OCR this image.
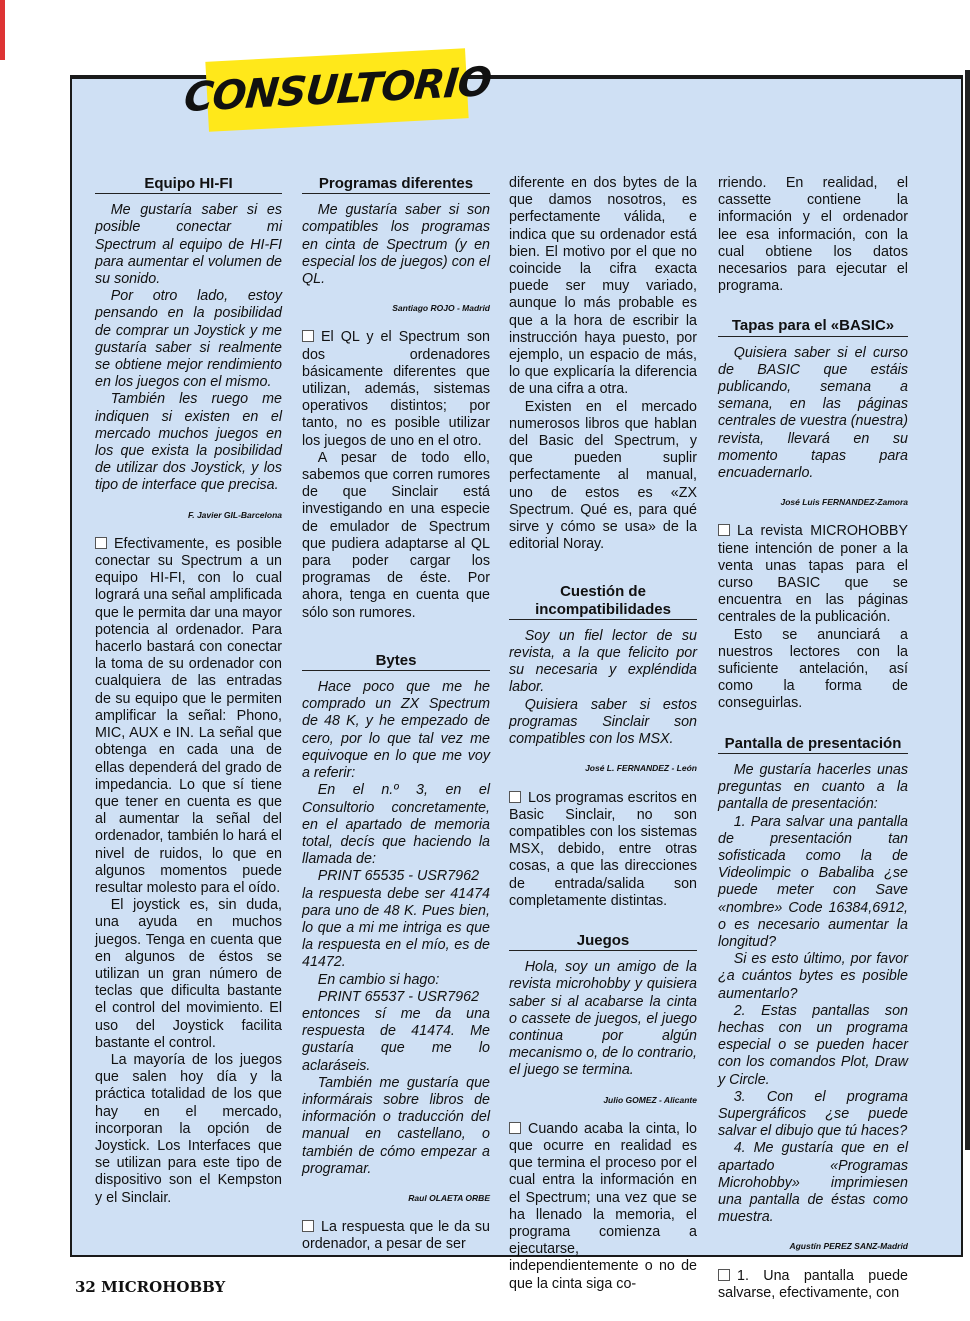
CONSULTORIO
Equipo HI-FI

Me gustaría saber si es posible conectar mi Spectrum al equipo de HI-FI para aumentar el volumen de su sonido.

Por otro lado, estoy pensando en la posibilidad de comprar un Joystick y me gustaría saber si realmente se obtiene mejor rendimiento en los juegos con el mismo.

También les ruego me indiquen si existen en el mercado muchos juegos en los que exista la posibilidad de utilizar dos Joystick, y los tipo de interface que precisa.

F. Javier GIL-Barcelona

Efectivamente, es posible conectar su Spectrum a un equipo HI-FI, con lo cual logrará una señal amplificada que le permita dar una mayor potencia al ordenador. Para hacerlo bastará con conectar la toma de su ordenador con cualquiera de las entradas de su equipo que le permiten amplificar la señal: Phono, MIC, AUX e IN. La señal que obtenga en cada una de ellas dependerá del grado de impedancia. Lo que sí tiene que tener en cuenta es que al aumentar la señal del ordenador, también lo hará el nivel de ruidos, lo que en algunos momentos puede resultar molesto para el oído.

El joystick es, sin duda, una ayuda en muchos juegos. Tenga en cuenta que en algunos de éstos se utilizan un gran número de teclas que dificulta bastante el control del movimiento. El uso del Joystick facilita bastante el control.

La mayoría de los juegos que salen hoy día y la práctica totalidad de los que hay en el mercado, incorporan la opción de Joystick. Los Interfaces que se utilizan para este tipo de dispositivo son el Kempston y el Sinclair.

Programas diferentes

Me gustaría saber si son compatibles los programas en cinta de Spectrum (y en especial los de juegos) con el QL.

Santiago ROJO - Madrid

El QL y el Spectrum son dos ordenadores básicamente diferentes que utilizan, además, sistemas operativos distintos; por tanto, no es posible utilizar los juegos de uno en el otro.

A pesar de todo ello, sabemos que corren rumores de que Sinclair está investigando en una especie de emulador de Spectrum que pudiera adaptarse al QL para poder cargar los programas de éste. Por ahora, tenga en cuenta que sólo son rumores.

Bytes

Hace poco que me he comprado un ZX Spectrum de 48 K, y he empezado de cero, por lo que tal vez me equivoque en lo que me voy a referir:

En el n.º 3, en el Consultorio concretamente, en el apartado de memoria total, decís que haciendo la llamada de:

PRINT 65535 - USR7962

la respuesta debe ser 41474 para uno de 48 K. Pues bien, lo que a mi me intriga es que la respuesta en el mío, es de 41472.

En cambio si hago:

PRINT 65537 - USR7962

entonces sí me da una respuesta de 41474. Me gustaría que me lo aclaráseis.

También me gustaría que informárais sobre libros de información o traducción del manual en castellano, o también de cómo empezar a programar.

Raul OLAETA ORBE

La respuesta que le da su ordenador, a pesar de ser

diferente en dos bytes de la que damos nosotros, es perfectamente válida, e indica que su ordenador está bien. El motivo por el que no coincide la cifra exacta puede ser muy variado, aunque lo más probable es que a la hora de escribir la instrucción haya puesto, por ejemplo, un espacio de más, lo que explicaría la diferencia de una cifra a otra.

Existen en el mercado numerosos libros que hablan del Basic del Spectrum, y que pueden suplir perfectamente al manual, uno de estos es «ZX Spectrum. Qué es, para qué sirve y cómo se usa» de la editorial Noray.

Cuestión de incompatibilidades

Soy un fiel lector de su revista, a la que felicito por su necesaria y expléndida labor.

Quisiera saber si estos programas Sinclair son compatibles con los MSX.

José L. FERNANDEZ - León

Los programas escritos en Basic Sinclair, no son compatibles con los sistemas MSX, debido, entre otras cosas, a que las direcciones de entrada/salida son completamente distintas.

Juegos

Hola, soy un amigo de la revista microhobby y quisiera saber si al acabarse la cinta o cassete de juegos, el juego continua por algún mecanismo o, de lo contrario, el juego se termina.

Julio GOMEZ - Alicante

Cuando acaba la cinta, lo que ocurre en realidad es que termina el proceso por el cual entra la información en el Spectrum; una vez que se ha llenado la memoria, el programa comienza a ejecutarse, independientemente o no de que la cinta siga co-

rriendo. En realidad, el cassette contiene la información y el ordenador lee esa información, con la cual obtiene los datos necesarios para ejecutar el programa.

Tapas para el «BASIC»

Quisiera saber si el curso de BASIC que estáis publicando, semana a semana, en las páginas centrales de vuestra (nuestra) revista, llevará en su momento tapas para encuadernarlo.

José Luis FERNANDEZ-Zamora

La revista MICROHOBBY tiene intención de poner a la venta unas tapas para el curso BASIC que se encuentra en las páginas centrales de la publicación.

Esto se anunciará a nuestros lectores con la suficiente antelación, así como la forma de conseguirlas.

Pantalla de presentación

Me gustaría hacerles unas preguntas en cuanto a la pantalla de presentación:

1. Para salvar una pantalla de presentación tan sofisticada como la de Videolimpic o Babaliba ¿se puede meter con Save «nombre» Code 16384,6912, o es necesario aumentar la longitud?

Si es esto último, por favor ¿a cuántos bytes es posible aumentarlo?

2. Estas pantallas son hechas con un programa especial o se pueden hacer con los comandos Plot, Draw y Circle.

3. Con el programa Supergráficos ¿se puede salvar el dibujo que tú haces?

4. Me gustaría que en el apartado «Programas Microhobby» imprimiesen una pantalla de éstas como muestra.

Agustín PEREZ SANZ-Madrid

1. Una pantalla puede salvarse, efectivamente, con

32 MICROHOBBY
